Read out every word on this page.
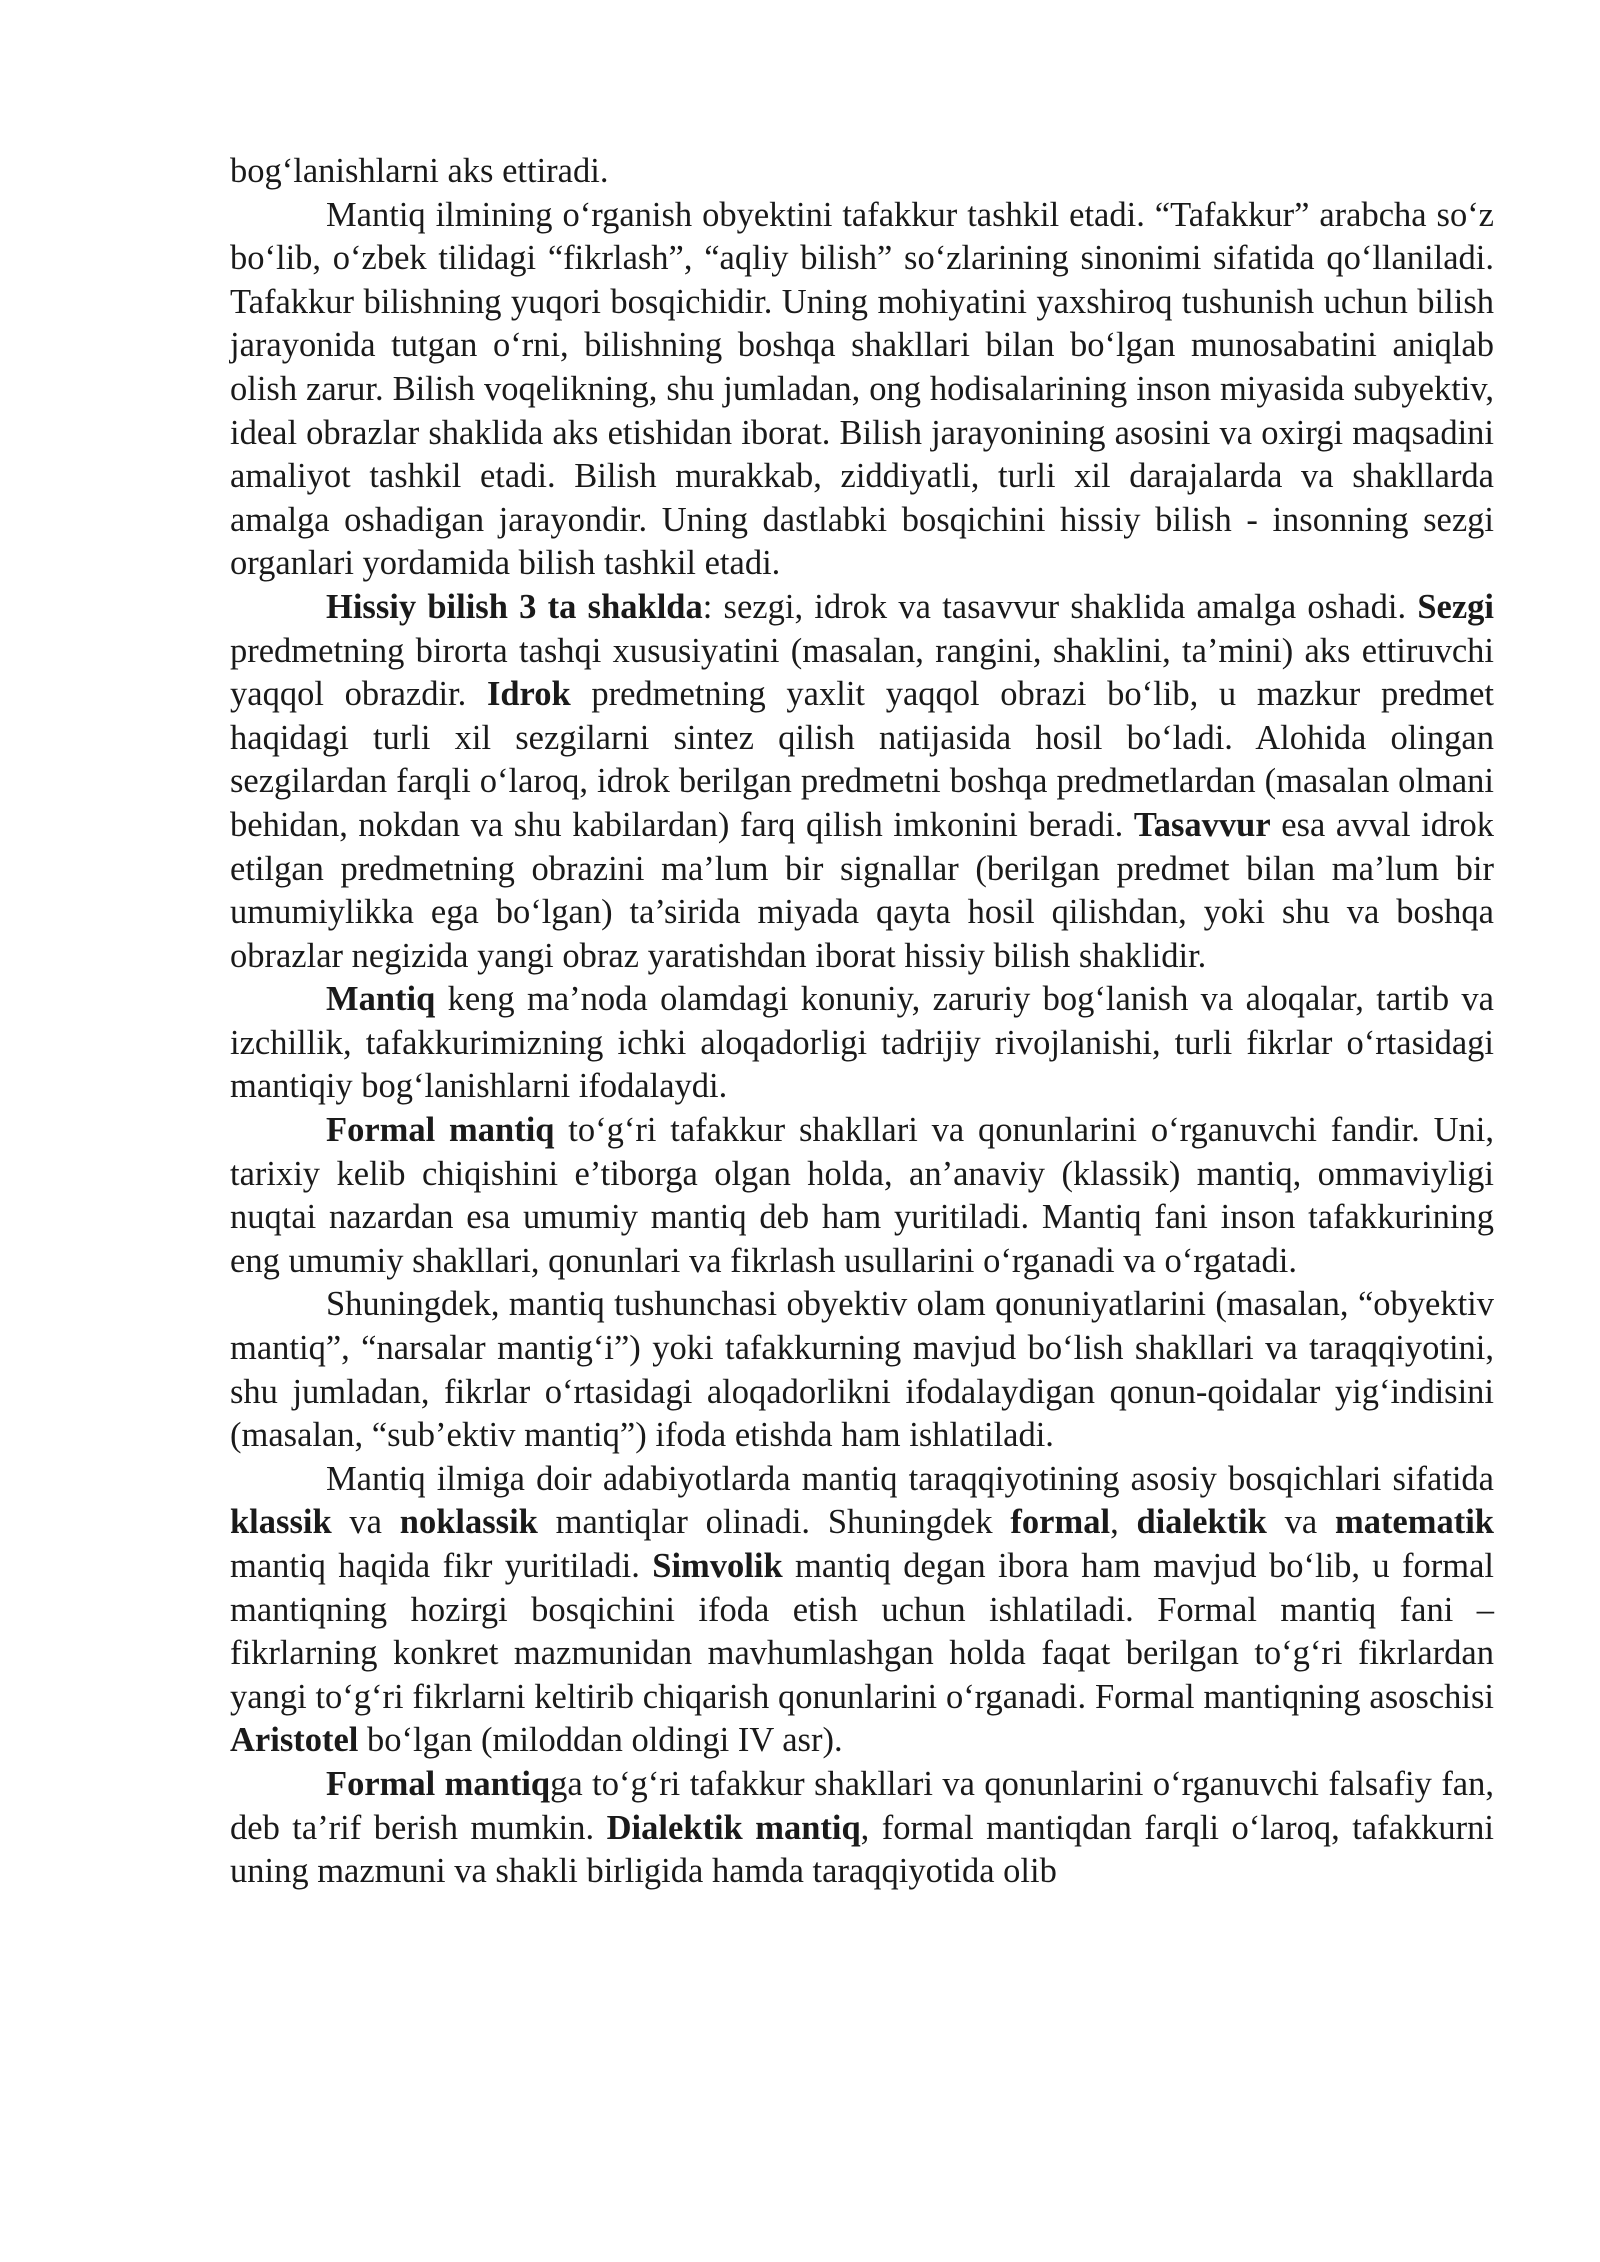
bog‘lanishlarni aks ettiradi.

Mantiq ilmining o‘rganish obyektini tafakkur tashkil etadi. “Tafakkur” arabcha so‘z bo‘lib, o‘zbek tilidagi “fikrlash”, “aqliy bilish” so‘zlarining sinonimi sifatida qo‘llaniladi. Tafakkur bilishning yuqori bosqichidir. Uning mohiyatini yaxshiroq tushunish uchun bilish jarayonida tutgan o‘rni, bilishning boshqa shakllari bilan bo‘lgan munosabatini aniqlab olish zarur. Bilish voqelikning, shu jumladan, ong hodisalarining inson miyasida subyektiv, ideal obrazlar shaklida aks etishidan iborat. Bilish jarayonining asosini va oxirgi maqsadini amaliyot tashkil etadi. Bilish murakkab, ziddiyatli, turli xil darajalarda va shakllarda amalga oshadigan jarayondir. Uning dastlabki bosqichini hissiy bilish - insonning sezgi organlari yordamida bilish tashkil etadi.

Hissiy bilish 3 ta shaklda: sezgi, idrok va tasavvur shaklida amalga oshadi. Sezgi predmetning birorta tashqi xususiyatini (masalan, rangini, shaklini, ta’mini) aks ettiruvchi yaqqol obrazdir. Idrok predmetning yaxlit yaqqol obrazi bo‘lib, u mazkur predmet haqidagi turli xil sezgilarni sintez qilish natijasida hosil bo‘ladi. Alohida olingan sezgilardan farqli o‘laroq, idrok berilgan predmetni boshqa predmetlardan (masalan olmani behidan, nokdan va shu kabilardan) farq qilish imkonini beradi. Tasavvur esa avval idrok etilgan predmetning obrazini ma’lum bir signallar (berilgan predmet bilan ma’lum bir umumiylikka ega bo‘lgan) ta’sirida miyada qayta hosil qilishdan, yoki shu va boshqa obrazlar negizida yangi obraz yaratishdan iborat hissiy bilish shaklidir.

Mantiq keng ma’noda olamdagi konuniy, zaruriy bog‘lanish va aloqalar, tartib va izchillik, tafakkurimizning ichki aloqadorligi tadrijiy rivojlanishi, turli fikrlar o‘rtasidagi mantiqiy bog‘lanishlarni ifodalaydi.

Formal mantiq to‘g‘ri tafakkur shakllari va qonunlarini o‘rganuvchi fandir. Uni, tarixiy kelib chiqishini e’tiborga olgan holda, an’anaviy (klassik) mantiq, ommaviyligi nuqtai nazardan esa umumiy mantiq deb ham yuritiladi. Mantiq fani inson tafakkurining eng umumiy shakllari, qonunlari va fikrlash usullarini o‘rganadi va o‘rgatadi.

Shuningdek, mantiq tushunchasi obyektiv olam qonuniyatlarini (masalan, “obyektiv mantiq”, “narsalar mantig‘i”) yoki tafakkurning mavjud bo‘lish shakllari va taraqqiyotini, shu jumladan, fikrlar o‘rtasidagi aloqadorlikni ifodalaydigan qonun-qoidalar yig‘indisini (masalan, “sub’ektiv mantiq”) ifoda etishda ham ishlatiladi.

Mantiq ilmiga doir adabiyotlarda mantiq taraqqiyotining asosiy bosqichlari sifatida klassik va noklassik mantiqlar olinadi. Shuningdek formal, dialektik va matematik mantiq haqida fikr yuritiladi. Simvolik mantiq degan ibora ham mavjud bo‘lib, u formal mantiqning hozirgi bosqichini ifoda etish uchun ishlatiladi. Formal mantiq fani – fikrlarning konkret mazmunidan mavhumlashgan holda faqat berilgan to‘g‘ri fikrlardan yangi to‘g‘ri fikrlarni keltirib chiqarish qonunlarini o‘rganadi. Formal mantiqning asoschisi Aristotel bo‘lgan (miloddan oldingi IV asr).

Formal mantiqga to‘g‘ri tafakkur shakllari va qonunlarini o‘rganuvchi falsafiy fan, deb ta’rif berish mumkin. Dialektik mantiq, formal mantiqdan farqli o‘laroq, tafakkurni uning mazmuni va shakli birligida hamda taraqqiyotida olib
